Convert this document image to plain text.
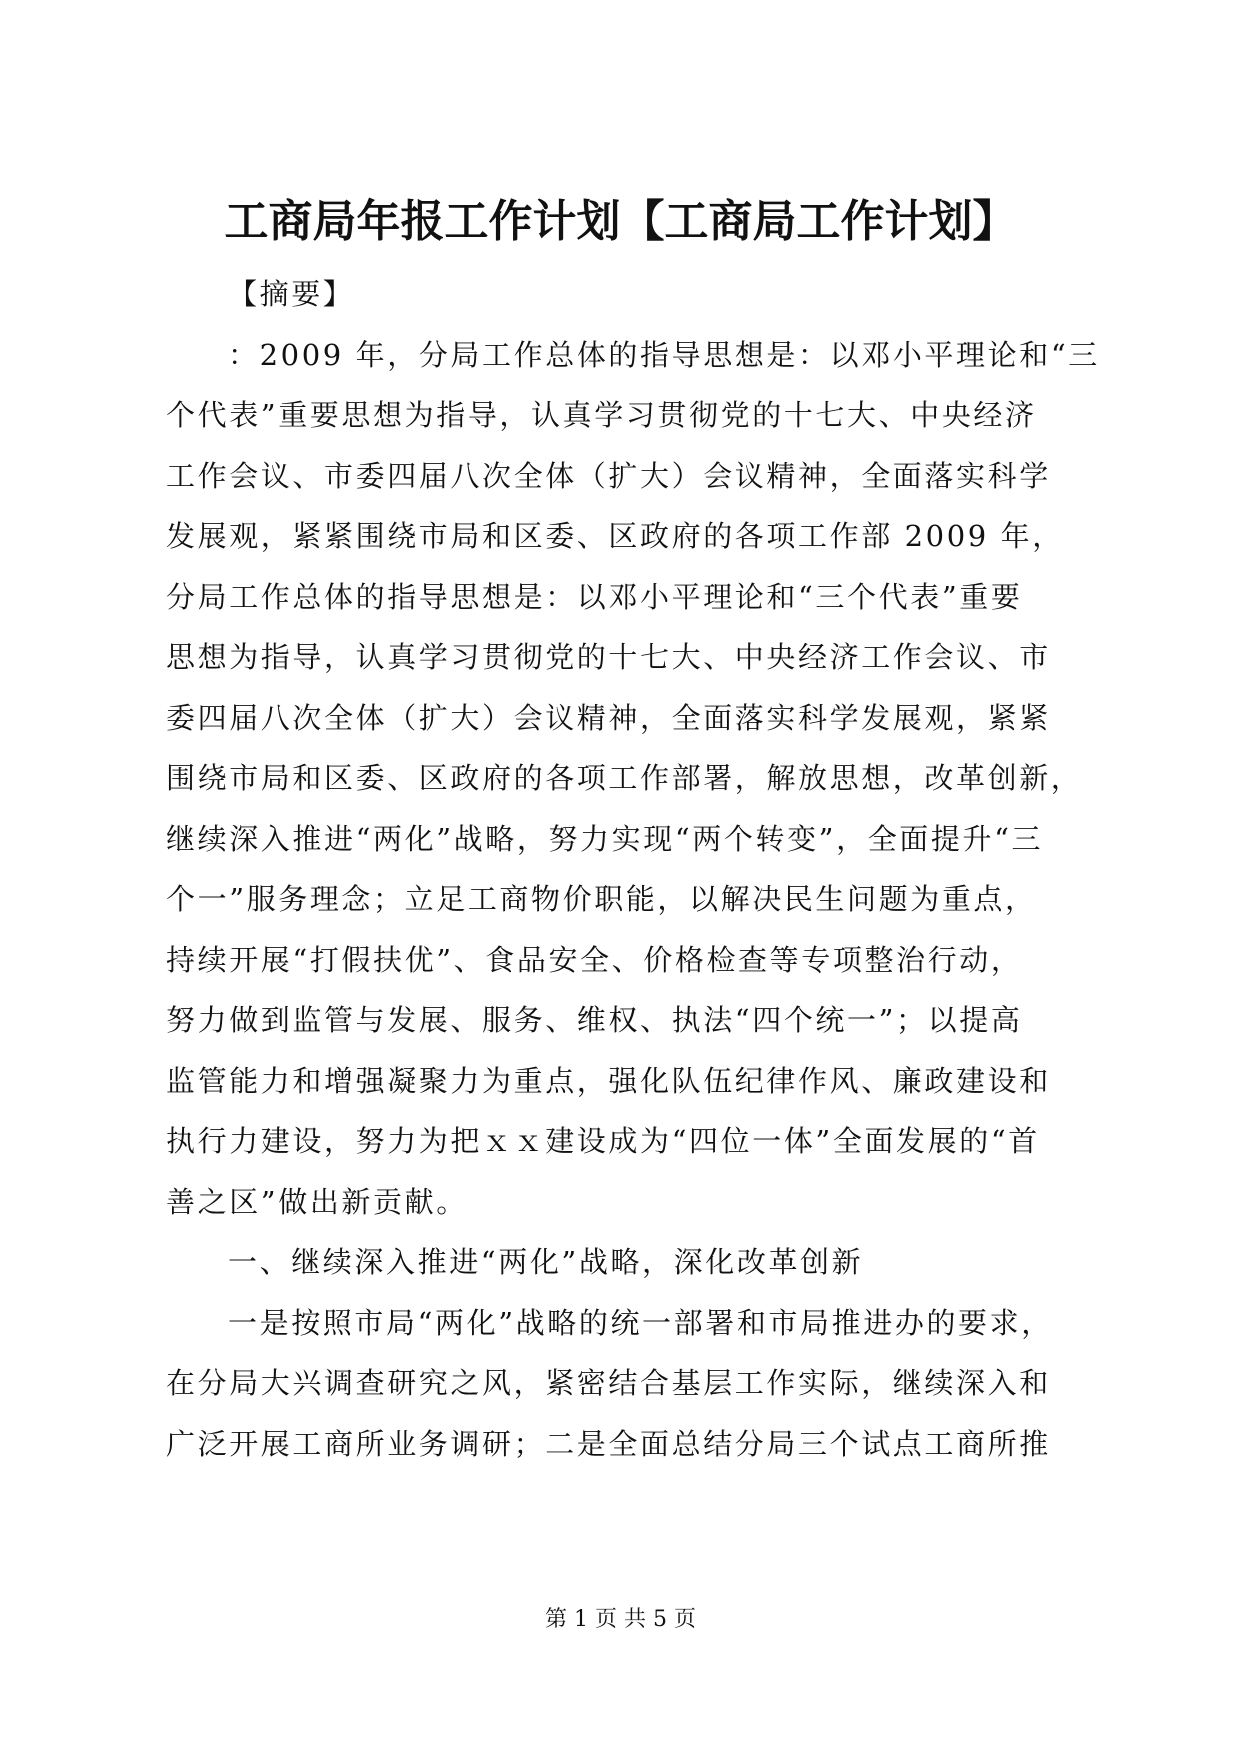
工商局年报工作计划【工商局工作计划】
【摘要】
：2009 年，分局工作总体的指导思想是：以邓小平理论和“三
个代表”重要思想为指导，认真学习贯彻党的十七大、中央经济
工作会议、市委四届八次全体（扩大）会议精神，全面落实科学
发展观，紧紧围绕市局和区委、区政府的各项工作部 2009 年，
分局工作总体的指导思想是：以邓小平理论和“三个代表”重要
思想为指导，认真学习贯彻党的十七大、中央经济工作会议、市
委四届八次全体（扩大）会议精神，全面落实科学发展观，紧紧
围绕市局和区委、区政府的各项工作部署，解放思想，改革创新，
继续深入推进“两化”战略，努力实现“两个转变”，全面提升“三
个一”服务理念；立足工商物价职能，以解决民生问题为重点，
持续开展“打假扶优”、食品安全、价格检查等专项整治行动，
努力做到监管与发展、服务、维权、执法“四个统一”；以提高
监管能力和增强凝聚力为重点，强化队伍纪律作风、廉政建设和
执行力建设，努力为把ｘｘ建设成为“四位一体”全面发展的“首
善之区”做出新贡献。
一、继续深入推进“两化”战略，深化改革创新
一是按照市局“两化”战略的统一部署和市局推进办的要求，
在分局大兴调查研究之风，紧密结合基层工作实际，继续深入和
广泛开展工商所业务调研；二是全面总结分局三个试点工商所推
第 1 页 共 5 页
